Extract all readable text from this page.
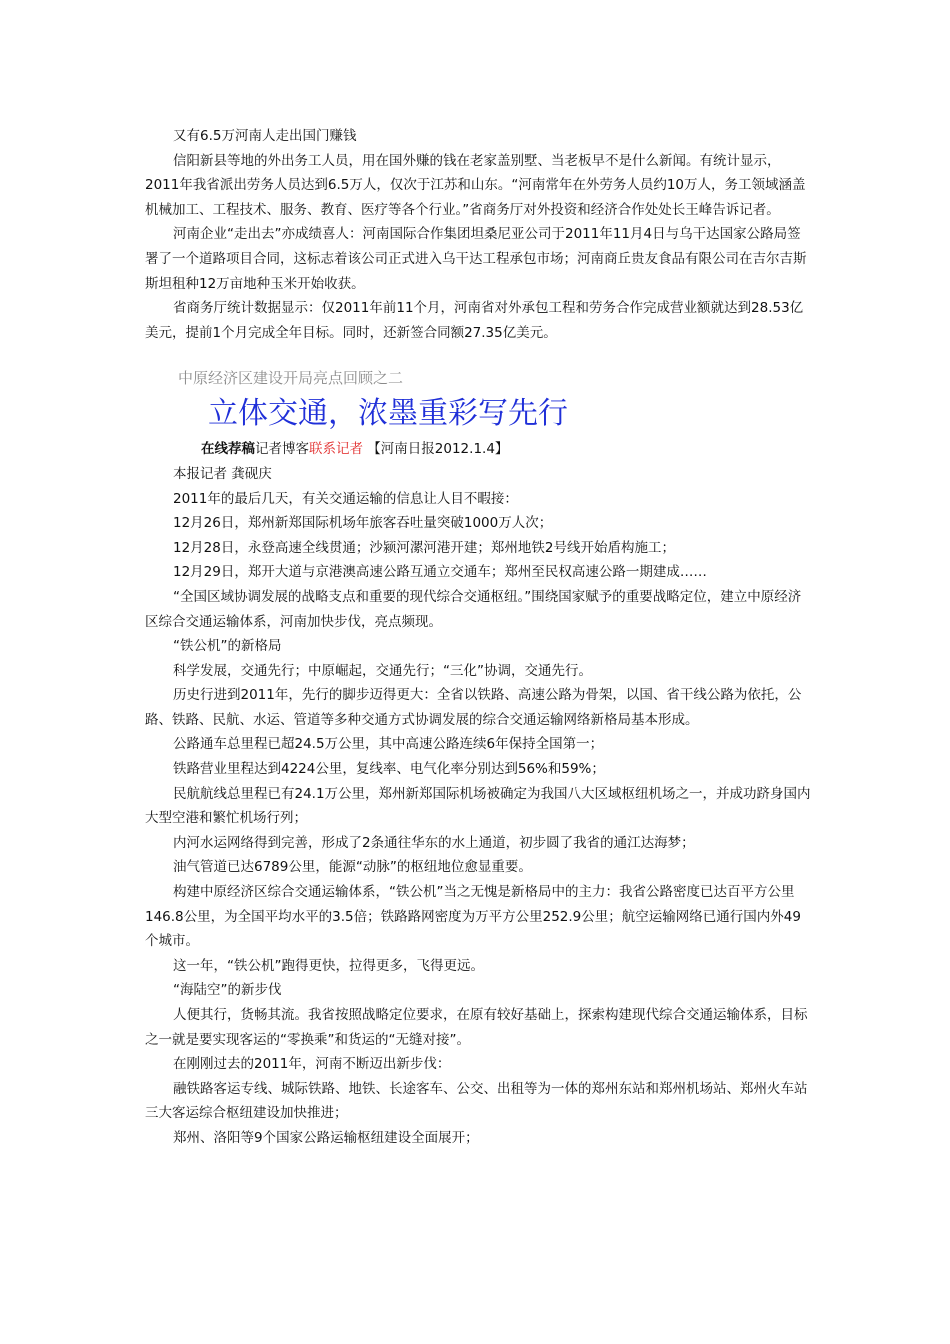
又有6.5万河南人走出国门赚钱

信阳新县等地的外出务工人员，用在国外赚的钱在老家盖别墅、当老板早不是什么新闻。有统计显示，2011年我省派出劳务人员达到6.5万人，仅次于江苏和山东。“河南常年在外劳务人员约10万人，务工领域涵盖机械加工、工程技术、服务、教育、医疗等各个行业。”省商务厅对外投资和经济合作处处长王峰告诉记者。

河南企业“走出去”亦成绩喜人：河南国际合作集团坦桑尼亚公司于2011年11月4日与乌干达国家公路局签署了一个道路项目合同，这标志着该公司正式进入乌干达工程承包市场；河南商丘贵友食品有限公司在吉尔吉斯斯坦租种12万亩地种玉米开始收获。

省商务厅统计数据显示：仅2011年前11个月，河南省对外承包工程和劳务合作完成营业额就达到28.53亿美元，提前1个月完成全年目标。同时，还新签合同额27.35亿美元。

中原经济区建设开局亮点回顾之二
立体交通，浓墨重彩写先行

在线荐稿记者博客联系记者 【河南日报2012.1.4】

本报记者 龚砚庆

2011年的最后几天，有关交通运输的信息让人目不暇接：

12月26日，郑州新郑国际机场年旅客吞吐量突破1000万人次；

12月28日，永登高速全线贯通；沙颍河漯河港开建；郑州地铁2号线开始盾构施工；

12月29日，郑开大道与京港澳高速公路互通立交通车；郑州至民权高速公路一期建成……

“全国区域协调发展的战略支点和重要的现代综合交通枢纽。”围绕国家赋予的重要战略定位，建立中原经济区综合交通运输体系，河南加快步伐，亮点频现。

“铁公机”的新格局

科学发展，交通先行；中原崛起，交通先行；“三化”协调，交通先行。

历史行进到2011年，先行的脚步迈得更大：全省以铁路、高速公路为骨架，以国、省干线公路为依托，公路、铁路、民航、水运、管道等多种交通方式协调发展的综合交通运输网络新格局基本形成。

公路通车总里程已超24.5万公里，其中高速公路连续6年保持全国第一；

铁路营业里程达到4224公里，复线率、电气化率分别达到56%和59%；

民航航线总里程已有24.1万公里，郑州新郑国际机场被确定为我国八大区域枢纽机场之一，并成功跻身国内大型空港和繁忙机场行列；

内河水运网络得到完善，形成了2条通往华东的水上通道，初步圆了我省的通江达海梦；

油气管道已达6789公里，能源“动脉”的枢纽地位愈显重要。

构建中原经济区综合交通运输体系，“铁公机”当之无愧是新格局中的主力：我省公路密度已达百平方公里146.8公里，为全国平均水平的3.5倍；铁路路网密度为万平方公里252.9公里；航空运输网络已通行国内外49个城市。

这一年，“铁公机”跑得更快，拉得更多，飞得更远。

“海陆空”的新步伐

人便其行，货畅其流。我省按照战略定位要求，在原有较好基础上，探索构建现代综合交通运输体系，目标之一就是要实现客运的“零换乘”和货运的“无缝对接”。

在刚刚过去的2011年，河南不断迈出新步伐：

融铁路客运专线、城际铁路、地铁、长途客车、公交、出租等为一体的郑州东站和郑州机场站、郑州火车站三大客运综合枢纽建设加快推进；

郑州、洛阳等9个国家公路运输枢纽建设全面展开；
